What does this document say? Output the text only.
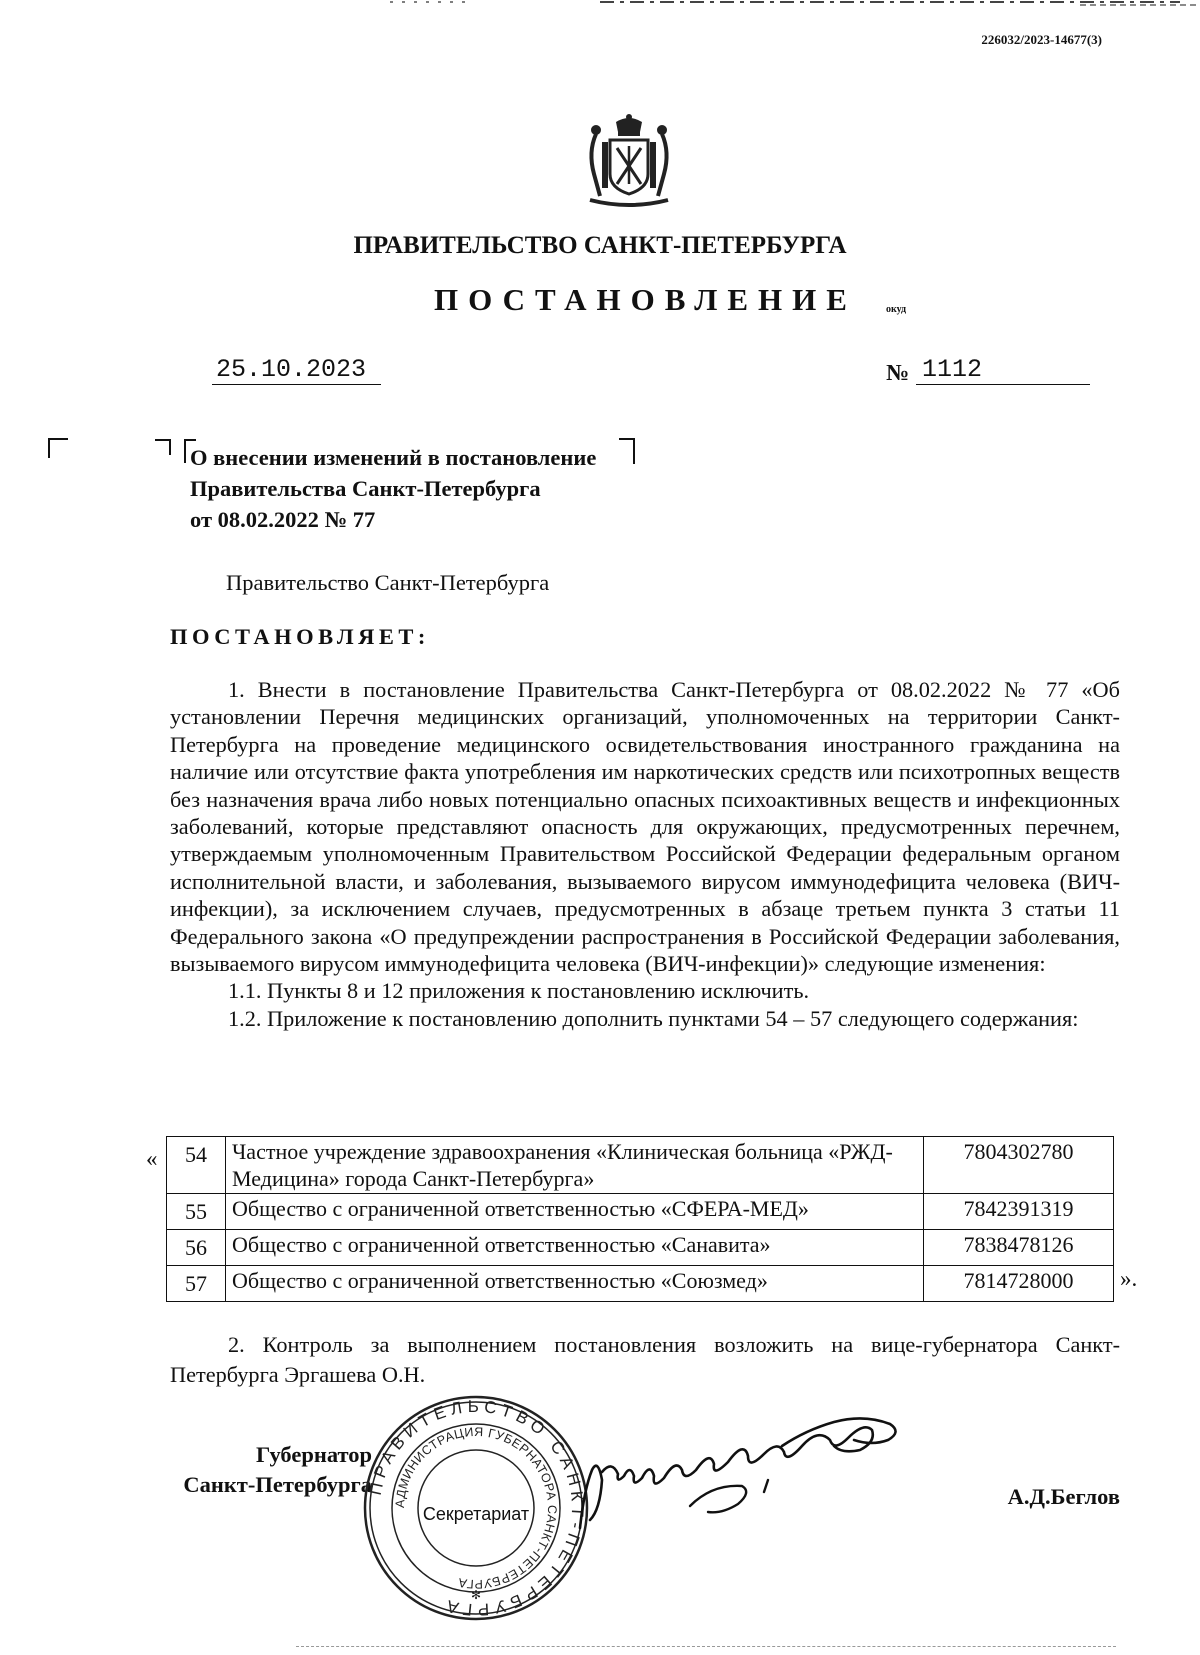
226032/2023-14677(3)
ПРАВИТЕЛЬСТВО САНКТ-ПЕТЕРБУРГА
ПОСТАНОВЛЕНИЕ	окуд
25.10.2023	№ 1112
О внесении изменений в постановление
Правительства Санкт-Петербурга
от 08.02.2022 № 77
Правительство Санкт-Петербурга
ПОСТАНОВЛЯЕТ:

1. Внести в постановление Правительства Санкт-Петербурга от 08.02.2022 № 77 «Об установлении Перечня медицинских организаций, уполномоченных на территории Санкт-Петербурга на проведение медицинского освидетельствования иностранного гражданина на наличие или отсутствие факта употребления им наркотических средств или психотропных веществ без назначения врача либо новых потенциально опасных психоактивных веществ и инфекционных заболеваний, которые представляют опасность для окружающих, предусмотренных перечнем, утверждаемым уполномоченным Правительством Российской Федерации федеральным органом исполнительной власти, и заболевания, вызываемого вирусом иммунодефицита человека (ВИЧ-инфекции), за исключением случаев, предусмотренных в абзаце третьем пункта 3 статьи 11 Федерального закона «О предупреждении распространения в Российской Федерации заболевания, вызываемого вирусом иммунодефицита человека (ВИЧ-инфекции)» следующие изменения:

1.1. Пункты 8 и 12 приложения к постановлению исключить.

1.2. Приложение к постановлению дополнить пунктами 54 – 57 следующего содержания:

« 54	Частное учреждение здравоохранения «Клиническая больница «РЖД-Медицина» города Санкт-Петербурга»	7804302780
55	Общество с ограниченной ответственностью «СФЕРА-МЕД»	7842391319
56	Общество с ограниченной ответственностью «Санавита»	7838478126
57	Общество с ограниченной ответственностью «Союзмед»	7814728000 ».

2. Контроль за выполнением постановления возложить на вице-губернатора Санкт-Петербурга Эргашева О.Н.

Губернатор
Санкт-Петербурга
ПРАВИТЕЛЬСТВО САНКТ-ПЕТЕРБУРГА
АДМИНИСТРАЦИЯ ГУБЕРНАТОРА САНКТ-ПЕТЕРБУРГА
✻
Секретариат
А.Д.Беглов
